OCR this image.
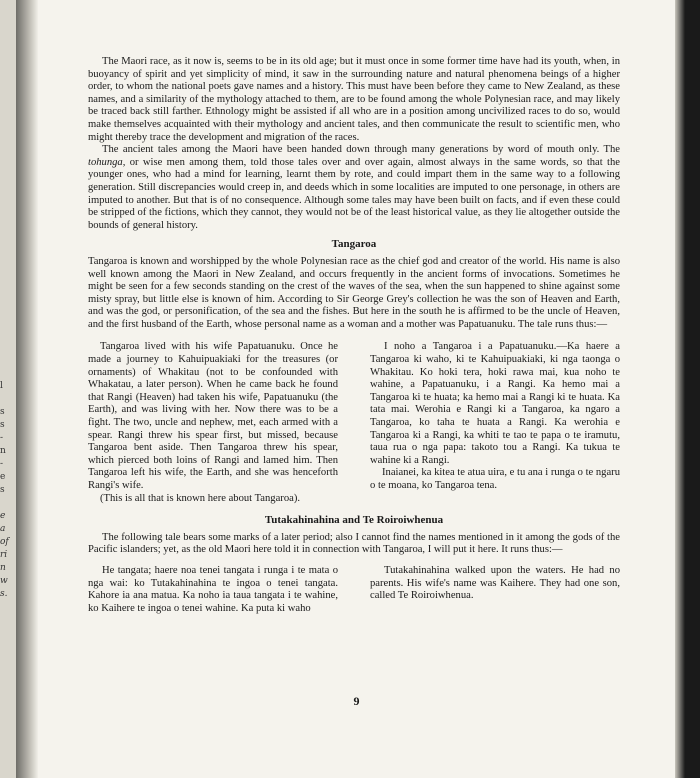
l
s
s
-
n
-
e
s
e
a
of
ri
n
w
s.

The Maori race, as it now is, seems to be in its old age; but it must once in some former time have had its youth, when, in buoyancy of spirit and yet simplicity of mind, it saw in the surrounding nature and natural phenomena beings of a higher order, to whom the national poets gave names and a history. This must have been before they came to New Zealand, as these names, and a similarity of the mythology attached to them, are to be found among the whole Polynesian race, and may likely be traced back still farther. Ethnology might be assisted if all who are in a position among uncivilized races to do so, would make themselves acquainted with their mythology and ancient tales, and then communicate the result to scientific men, who might thereby trace the development and migration of the races.

The ancient tales among the Maori have been handed down through many generations by word of mouth only. The tohunga, or wise men among them, told those tales over and over again, almost always in the same words, so that the younger ones, who had a mind for learning, learnt them by rote, and could impart them in the same way to a following generation. Still discrepancies would creep in, and deeds which in some localities are imputed to one personage, in others are imputed to another. But that is of no consequence. Although some tales may have been built on facts, and if even these could be stripped of the fictions, which they cannot, they would not be of the least historical value, as they lie altogether outside the bounds of general history.

Tangaroa

Tangaroa is known and worshipped by the whole Polynesian race as the chief god and creator of the world. His name is also well known among the Maori in New Zealand, and occurs frequently in the ancient forms of invocations. Sometimes he might be seen for a few seconds standing on the crest of the waves of the sea, when the sun happened to shine against some misty spray, but little else is known of him. According to Sir George Grey's collection he was the son of Heaven and Earth, and was the god, or personification, of the sea and the fishes. But here in the south he is affirmed to be the uncle of Heaven, and the first husband of the Earth, whose personal name as a woman and a mother was Papatuanuku. The tale runs thus:—

Tangaroa lived with his wife Papatuanuku. Once he made a journey to Kahuipuakiaki for the treasures (or ornaments) of Whakitau (not to be confounded with Whakatau, a later person). When he came back he found that Rangi (Heaven) had taken his wife, Papatuanuku (the Earth), and was living with her. Now there was to be a fight. The two, uncle and nephew, met, each armed with a spear. Rangi threw his spear first, but missed, because Tangaroa bent aside. Then Tangaroa threw his spear, which pierced both loins of Rangi and lamed him. Then Tangaroa left his wife, the Earth, and she was henceforth Rangi's wife.

(This is all that is known here about Tangaroa).

I noho a Tangaroa i a Papatuanuku.—Ka haere a Tangaroa ki waho, ki te Kahuipuakiaki, ki nga taonga o Whakitau. Ko hoki tera, hoki rawa mai, kua noho te wahine, a Papatuanuku, i a Rangi. Ka hemo mai a Tangaroa ki te huata; ka hemo mai a Rangi ki te huata. Ka tata mai. Werohia e Rangi ki a Tangaroa, ka ngaro a Tangaroa, ko taha te huata a Rangi. Ka werohia e Tangaroa ki a Rangi, ka whiti te tao te papa o te iramutu, taua rua o nga papa: takoto tou a Rangi. Ka tukua te wahine ki a Rangi.

Inaianei, ka kitea te atua uira, e tu ana i runga o te ngaru o te moana, ko Tangaroa tena.

Tutakahinahina and Te Roiroiwhenua

The following tale bears some marks of a later period; also I cannot find the names mentioned in it among the gods of the Pacific islanders; yet, as the old Maori here told it in connection with Tangaroa, I will put it here. It runs thus:—

He tangata; haere noa tenei tangata i runga i te mata o nga wai: ko Tutakahinahina te ingoa o tenei tangata. Kahore ia ana matua. Ka noho ia taua tangata i te wahine, ko Kaihere te ingoa o tenei wahine. Ka puta ki waho

Tutakahinahina walked upon the waters. He had no parents. His wife's name was Kaihere. They had one son, called Te Roiroiwhenua.

9
